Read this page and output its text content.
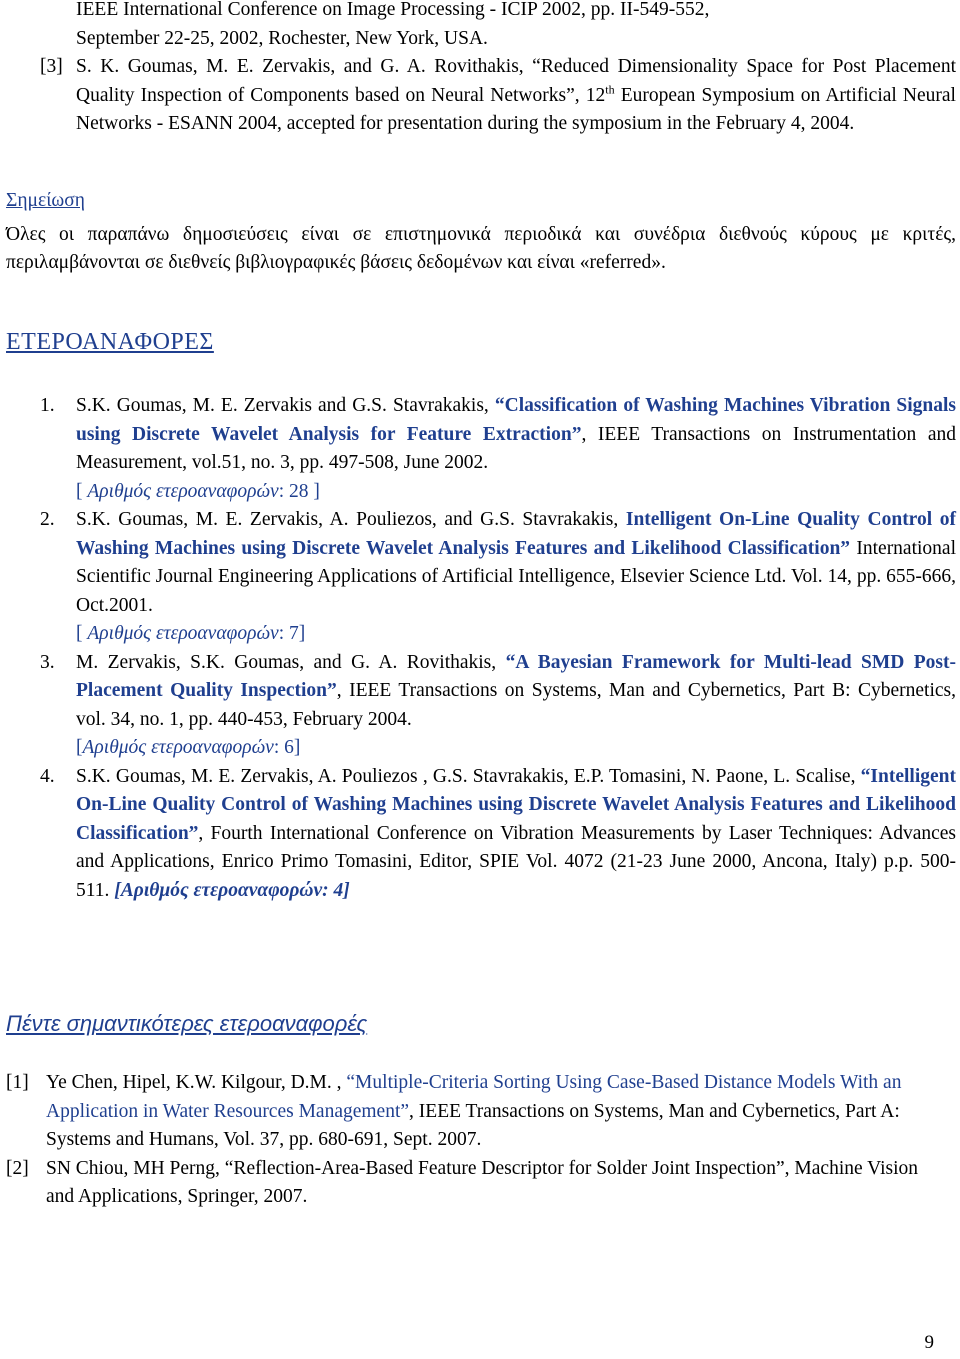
IEEE International Conference on Image Processing - ICIP 2002, pp. II-549-552,
September 22-25, 2002, Rochester, New York, USA.
[3] S. K. Goumas, M. E. Zervakis, and G. A. Rovithakis, “Reduced Dimensionality Space for Post Placement Quality Inspection of Components based on Neural Networks”, 12th European Symposium on Artificial Neural Networks - ESANN 2004, accepted for presentation during the symposium in the February 4, 2004.
Σημείωση
Όλες οι παραπάνω δημοσιεύσεις είναι σε επιστημονικά περιοδικά και συνέδρια διεθνούς κύρους με κριτές, περιλαμβάνονται σε διεθνείς βιβλιογραφικές βάσεις δεδομένων και είναι «referred».
ΕΤΕΡΟΑΝΑΦΟΡΕΣ
1.	S.K. Goumas, M. E. Zervakis and G.S. Stavrakakis, “Classification of Washing Machines Vibration Signals using Discrete Wavelet Analysis for Feature Extraction”, IEEE Transactions on Instrumentation and Measurement, vol.51, no. 3, pp. 497-508, June 2002.
[ Αριθμός ετεροαναφορών: 28 ]
2.	S.K. Goumas, M. E. Zervakis, A. Pouliezos, and G.S. Stavrakakis, Intelligent On-Line Quality Control of Washing Machines using Discrete Wavelet Analysis Features and Likelihood Classification” International Scientific Journal Engineering Applications of Artificial Intelligence, Elsevier Science Ltd. Vol. 14, pp. 655-666, Oct.2001.
[ Αριθμός ετεροαναφορών: 7]
3.	M. Zervakis, S.K. Goumas, and G. A. Rovithakis, “A Bayesian Framework for Multi-lead SMD Post-Placement Quality Inspection”, IEEE Transactions on Systems, Man and Cybernetics, Part B: Cybernetics, vol. 34, no. 1, pp. 440-453, February 2004.
[Αριθμός ετεροαναφορών: 6]
4.	S.K. Goumas, M. E. Zervakis, A. Pouliezos , G.S. Stavrakakis, E.P. Tomasini, N. Paone, L. Scalise, “Intelligent On-Line Quality Control of Washing Machines using Discrete Wavelet Analysis Features and Likelihood Classification”, Fourth International Conference on Vibration Measurements by Laser Techniques: Advances and Applications, Enrico Primo Tomasini, Editor, SPIE Vol. 4072 (21-23 June 2000, Ancona, Italy) p.p. 500-511. [Αριθμός ετεροαναφορών: 4]
Πέντε σημαντικότερες ετεροαναφορές
[1] Ye Chen, Hipel, K.W. Kilgour, D.M. , “Multiple-Criteria Sorting Using Case-Based Distance Models With an Application in Water Resources Management”, IEEE Transactions on Systems, Man and Cybernetics, Part A: Systems and Humans, Vol. 37, pp. 680-691, Sept. 2007.
[2] SN Chiou, MH Perng, “Reflection-Area-Based Feature Descriptor for Solder Joint Inspection”, Machine Vision and Applications, Springer, 2007.
9
